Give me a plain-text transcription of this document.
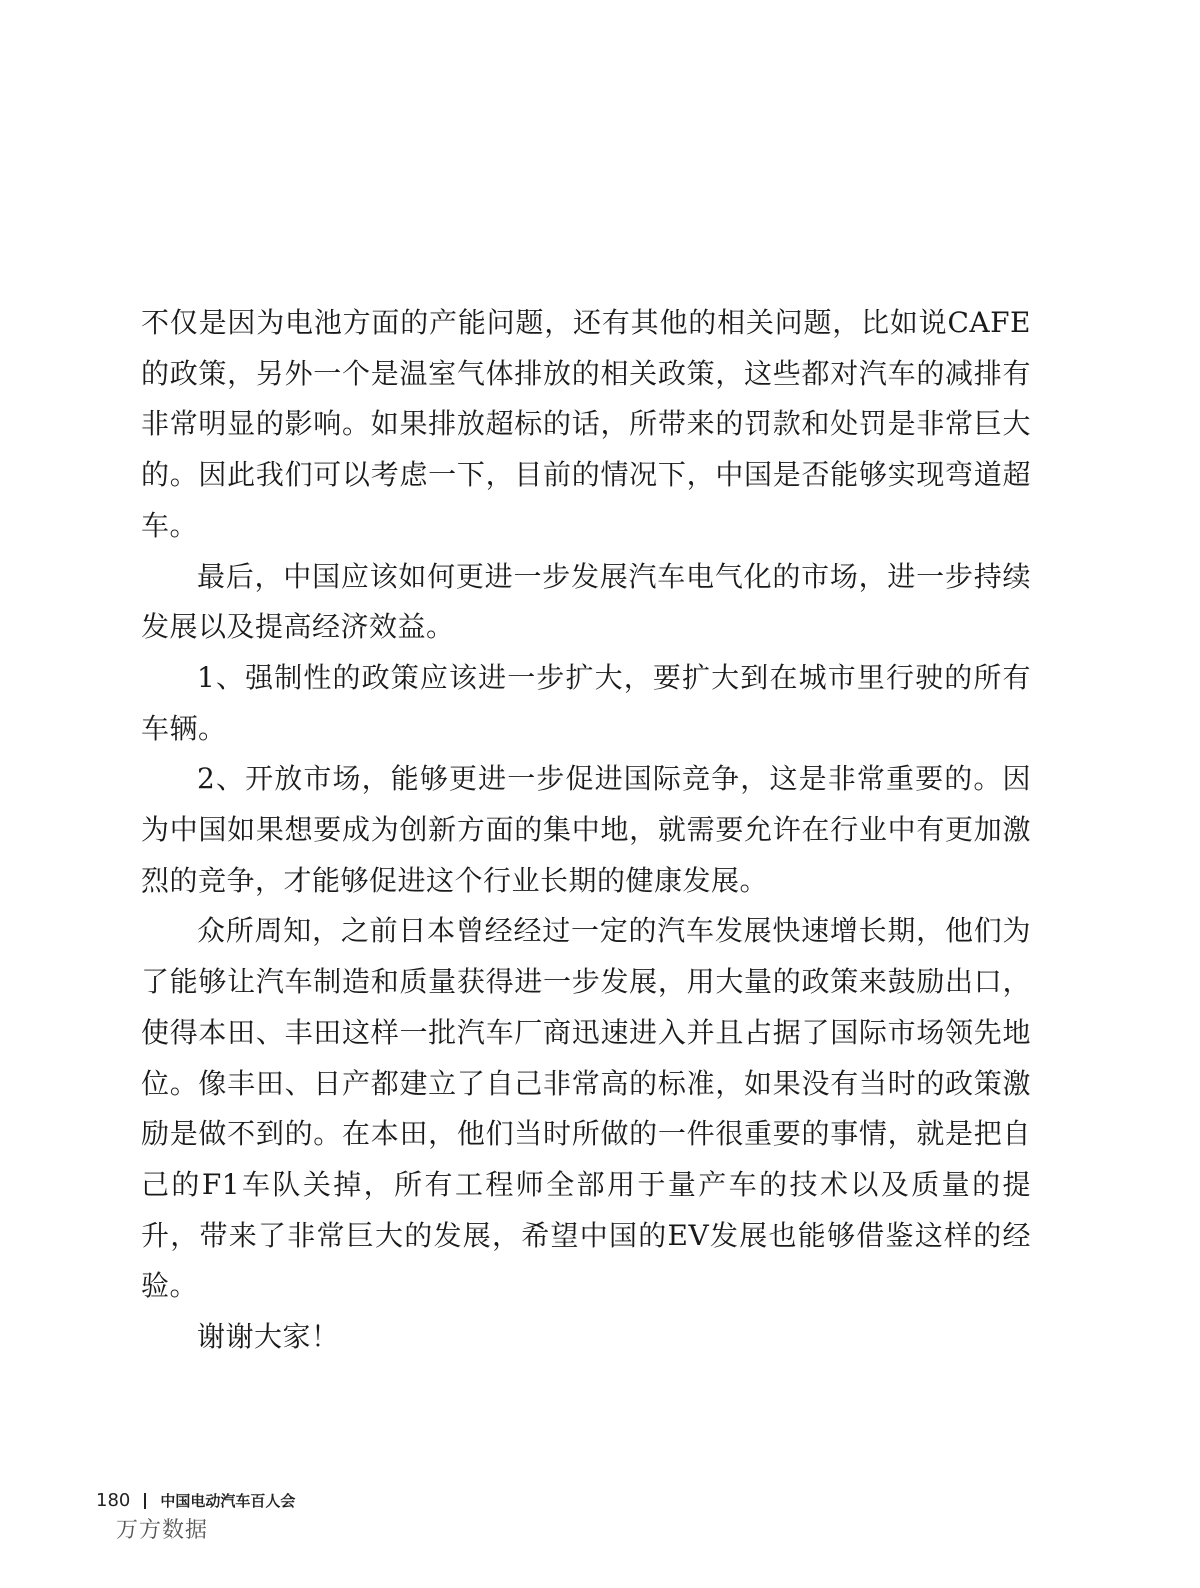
不仅是因为电池方面的产能问题，还有其他的相关问题，比如说CAFE的政策，另外一个是温室气体排放的相关政策，这些都对汽车的减排有非常明显的影响。如果排放超标的话，所带来的罚款和处罚是非常巨大的。因此我们可以考虑一下，目前的情况下，中国是否能够实现弯道超车。

最后，中国应该如何更进一步发展汽车电气化的市场，进一步持续发展以及提高经济效益。

1、强制性的政策应该进一步扩大，要扩大到在城市里行驶的所有车辆。

2、开放市场，能够更进一步促进国际竞争，这是非常重要的。因为中国如果想要成为创新方面的集中地，就需要允许在行业中有更加激烈的竞争，才能够促进这个行业长期的健康发展。

众所周知，之前日本曾经经过一定的汽车发展快速增长期，他们为了能够让汽车制造和质量获得进一步发展，用大量的政策来鼓励出口，使得本田、丰田这样一批汽车厂商迅速进入并且占据了国际市场领先地位。像丰田、日产都建立了自己非常高的标准，如果没有当时的政策激励是做不到的。在本田，他们当时所做的一件很重要的事情，就是把自己的F1车队关掉，所有工程师全部用于量产车的技术以及质量的提升，带来了非常巨大的发展，希望中国的EV发展也能够借鉴这样的经验。

谢谢大家！

180 中国电动汽车百人会
万方数据
